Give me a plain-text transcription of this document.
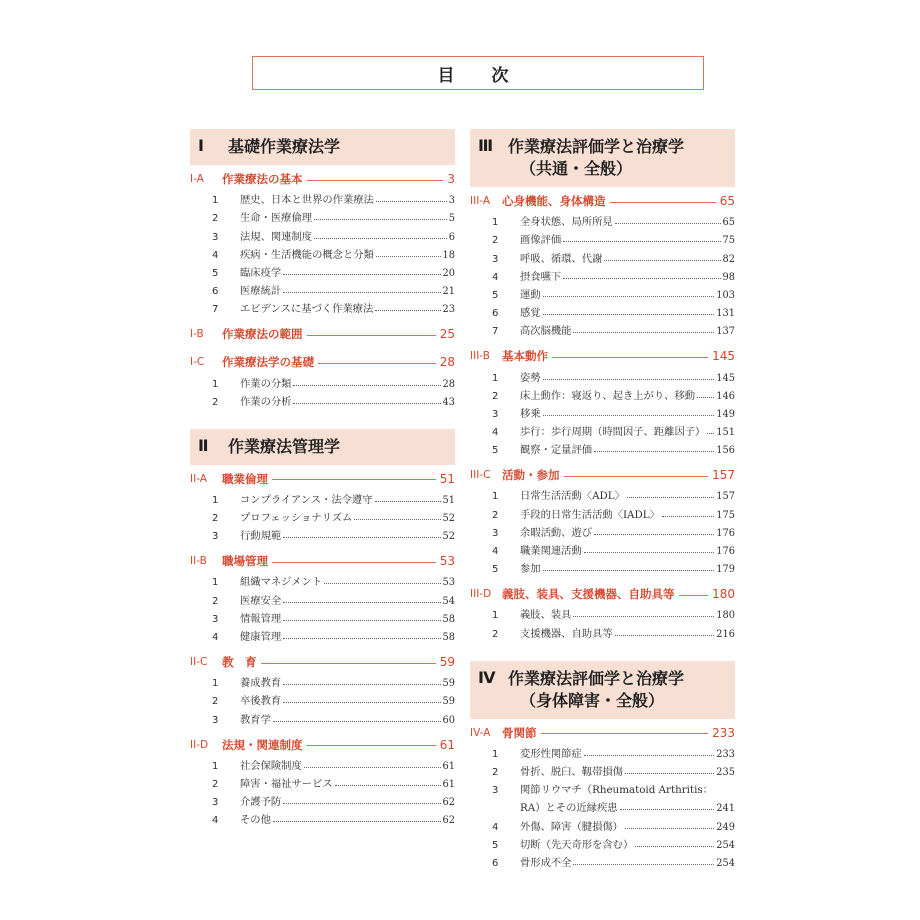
目　次
Ⅰ	基礎作業療法学
I-A	作業療法の基本	3
1	歴史、日本と世界の作業療法	3
2	生命・医療倫理	5
3	法規、関連制度	6
4	疾病・生活機能の概念と分類	18
5	臨床疫学	20
6	医療統計	21
7	エビデンスに基づく作業療法	23
I-B	作業療法の範囲	25
I-C	作業療法学の基礎	28
1	作業の分類	28
2	作業の分析	43
Ⅱ	作業療法管理学
II-A	職業倫理	51
1	コンプライアンス・法令遵守	51
2	プロフェッショナリズム	52
3	行動規範	52
II-B	職場管理	53
1	組織マネジメント	53
2	医療安全	54
3	情報管理	58
4	健康管理	58
II-C	教　育	59
1	養成教育	59
2	卒後教育	59
3	教育学	60
II-D	法規・関連制度	61
1	社会保険制度	61
2	障害・福祉サービス	61
3	介護予防	62
4	その他	62
Ⅲ 作業療法評価学と治療学
（共通・全般）
III-A	心身機能、身体構造	65
1	全身状態、局所所見	65
2	画像評価	75
3	呼吸、循環、代謝	82
4	摂食嚥下	98
5	運動	103
6	感覚	131
7	高次脳機能	137
III-B	基本動作	145
1	姿勢	145
2	床上動作：寝返り、起き上がり、移動 146
3	移乗	149
4	歩行：歩行周期（時間因子、距離因子） 151
5	観察・定量評価	156
III-C	活動・参加	157
1	日常生活活動〈ADL〉	157
2	手段的日常生活活動〈IADL〉	175
3	余暇活動、遊び	176
4	職業関連活動	176
5	参加	179
III-D 義肢、装具、支援機器、自助具等	180
1	義肢、装具	180
2	支援機器、自助具等	216
Ⅳ 作業療法評価学と治療学
（身体障害・全般）
IV-A	骨関節	233
1	変形性関節症	233
2	骨折、脱臼、靱帯損傷	235
3	関節リウマチ（Rheumatoid Arthritis：
RA）とその近縁疾患	241
4	外傷、障害（腱損傷）	249
5	切断（先天奇形を含む）	254
6	骨形成不全	254
